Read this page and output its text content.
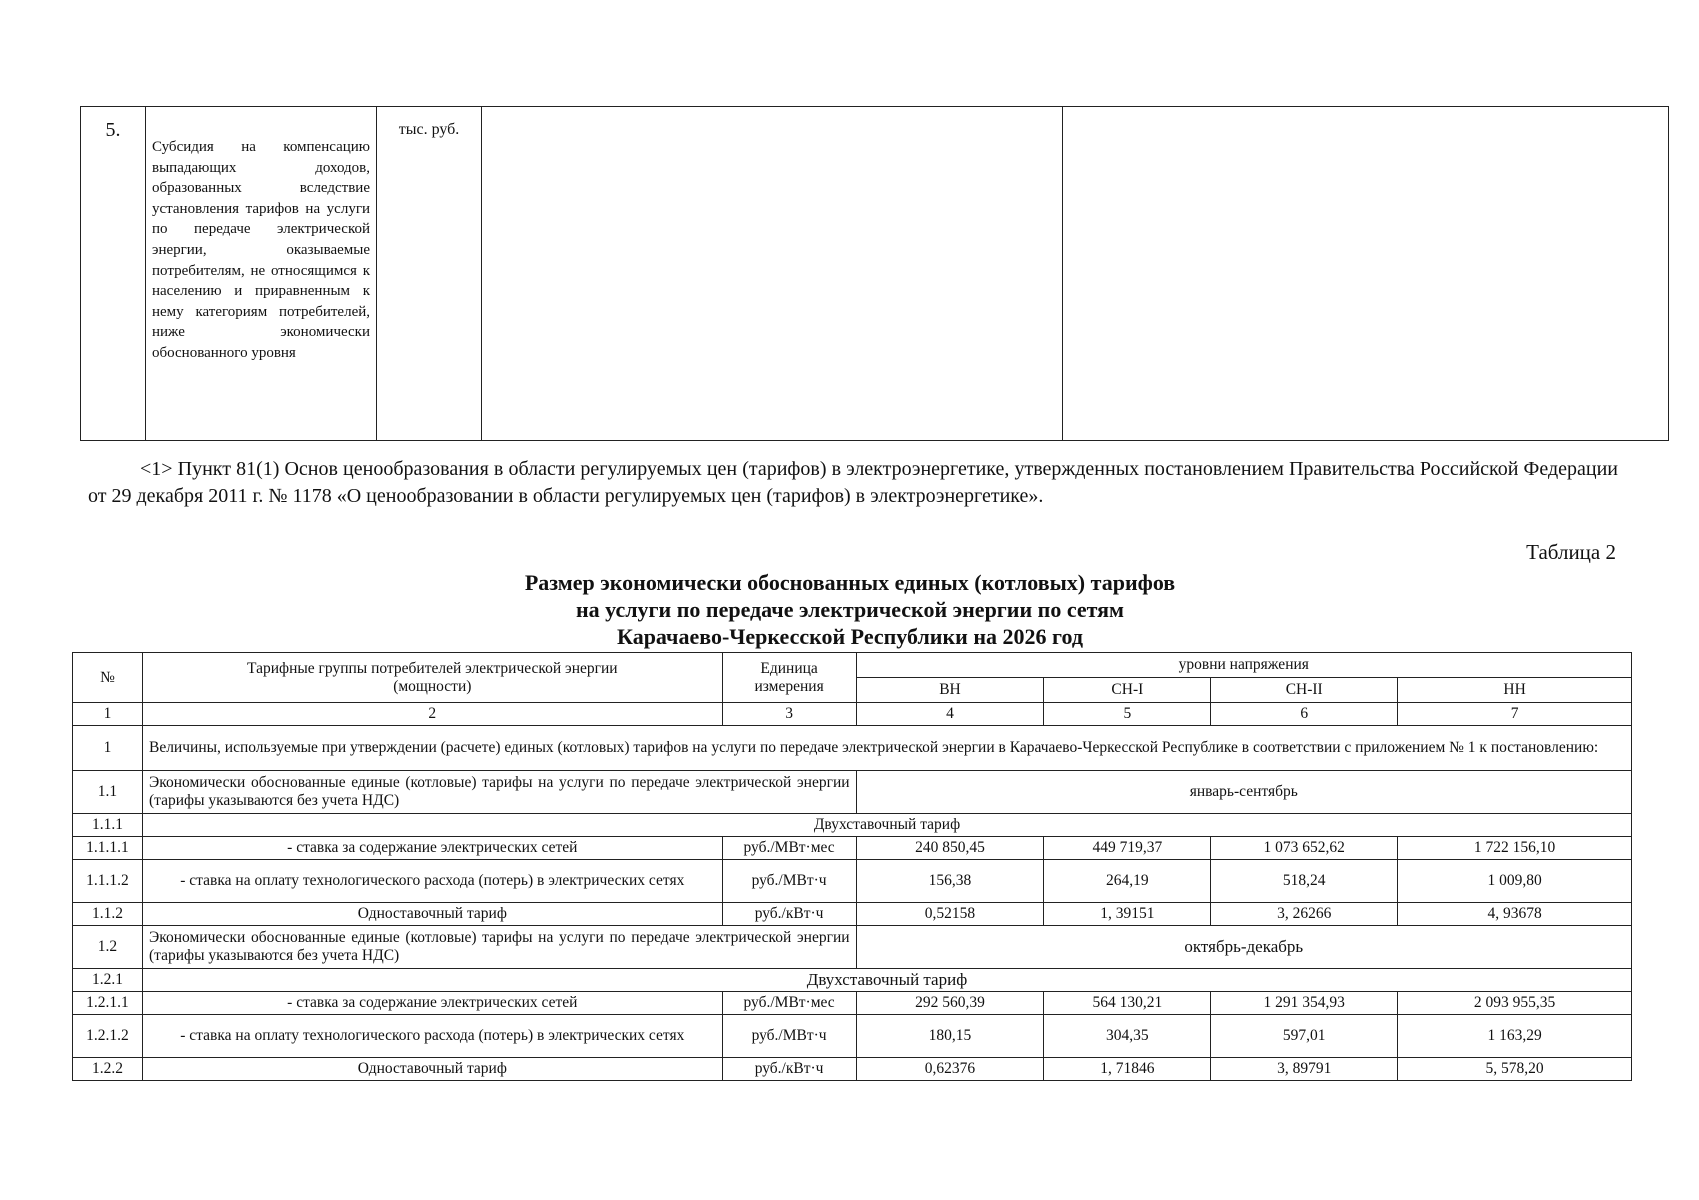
5.	Субсидия на компенсацию выпадающих доходов, образованных вследствие установления тарифов на услуги по передаче электрической энергии, оказываемые потребителям, не относящимся к населению и приравненным к нему категориям потребителей, ниже экономически обоснованного уровня	тыс. руб.		
<1> Пункт 81(1) Основ ценообразования в области регулируемых цен (тарифов) в электроэнергетике, утвержденных постановлением Правительства Российской Федерации от 29 декабря 2011 г. № 1178 «О ценообразовании в области регулируемых цен (тарифов) в электроэнергетике».
Таблица 2
Размер экономически обоснованных единых (котловых) тарифов
на услуги по передаче электрической энергии по сетям
Карачаево-Черкесской Республики на 2026 год
№	Тарифные группы потребителей электрической энергии (мощности)	Единица измерения	уровни напряжения			
			ВН	СН-I	СН-II	НН
1	2	3	4	5	6	7
1	Величины, используемые при утверждении (расчете) единых (котловых) тарифов на услуги по передаче электрической энергии в Карачаево-Черкесской Республике в соответствии с приложением № 1 к постановлению:					
1.1	Экономически обоснованные единые (котловые) тарифы на услуги по передаче электрической энергии (тарифы указываются без учета НДС)		январь-сентябрь			
1.1.1	Двухставочный тариф					
1.1.1.1	- ставка за содержание электрических сетей	руб./МВт·мес	240 850,45	449 719,37	1 073 652,62	1 722 156,10
1.1.1.2	- ставка на оплату технологического расхода (потерь) в электрических сетях	руб./МВт·ч	156,38	264,19	518,24	1 009,80
1.1.2	Одноставочный тариф	руб./кВт·ч	0,52158	1, 39151	3, 26266	4, 93678
1.2	Экономически обоснованные единые (котловые) тарифы на услуги по передаче электрической энергии (тарифы указываются без учета НДС)		октябрь-декабрь			
1.2.1	Двухставочный тариф					
1.2.1.1	- ставка за содержание электрических сетей	руб./МВт·мес	292 560,39	564 130,21	1 291 354,93	2 093 955,35
1.2.1.2	- ставка на оплату технологического расхода (потерь) в электрических сетях	руб./МВт·ч	180,15	304,35	597,01	1 163,29
1.2.2	Одноставочный тариф	руб./кВт·ч	0,62376	1, 71846	3, 89791	5, 578,20
